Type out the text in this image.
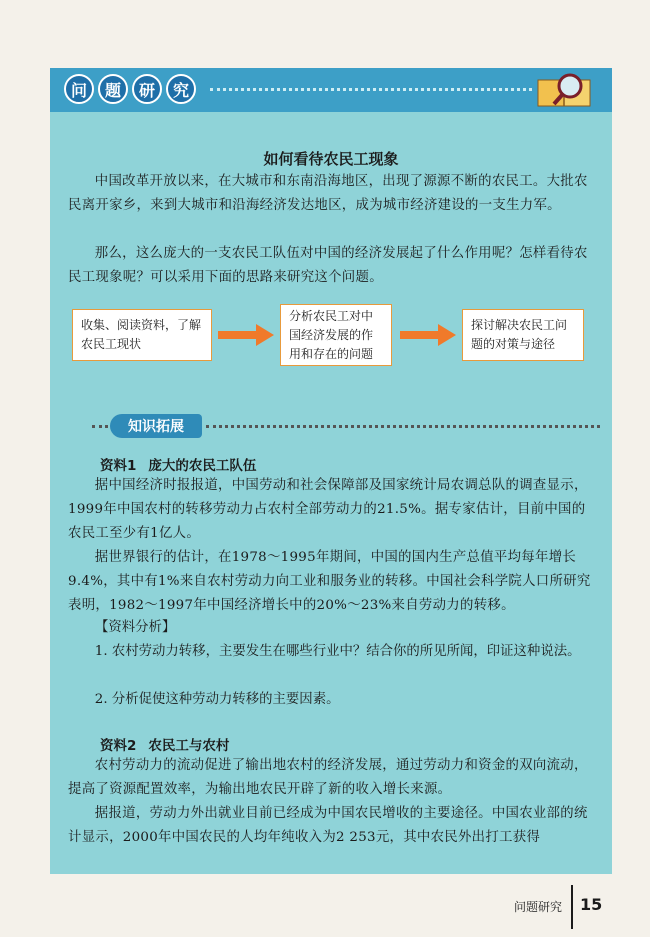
问	题	研	究
如何看待农民工现象

中国改革开放以来，在大城市和东南沿海地区，出现了源源不断的农民工。大批农民离开家乡，来到大城市和沿海经济发达地区，成为城市经济建设的一支生力军。

那么，这么庞大的一支农民工队伍对中国的经济发展起了什么作用呢？怎样看待农民工现象呢？可以采用下面的思路来研究这个问题。

收集、阅读资料，了解农民工现状
分析农民工对中国经济发展的作用和存在的问题
探讨解决农民工问题的对策与途径
知识拓展
资料1 庞大的农民工队伍

据中国经济时报报道，中国劳动和社会保障部及国家统计局农调总队的调查显示，1999年中国农村的转移劳动力占农村全部劳动力的21.5%。据专家估计，目前中国的农民工至少有1亿人。

据世界银行的估计，在1978～1995年期间，中国的国内生产总值平均每年增长9.4%，其中有1%来自农村劳动力向工业和服务业的转移。中国社会科学院人口所研究表明，1982～1997年中国经济增长中的20%～23%来自劳动力的转移。

【资料分析】

1. 农村劳动力转移，主要发生在哪些行业中？结合你的所见所闻，印证这种说法。

2. 分析促使这种劳动力转移的主要因素。

资料2 农民工与农村

农村劳动力的流动促进了输出地农村的经济发展，通过劳动力和资金的双向流动，提高了资源配置效率，为输出地农民开辟了新的收入增长来源。

据报道，劳动力外出就业目前已经成为中国农民增收的主要途径。中国农业部的统计显示，2000年中国农民的人均年纯收入为2 253元，其中农民外出打工获得

问题研究 15
